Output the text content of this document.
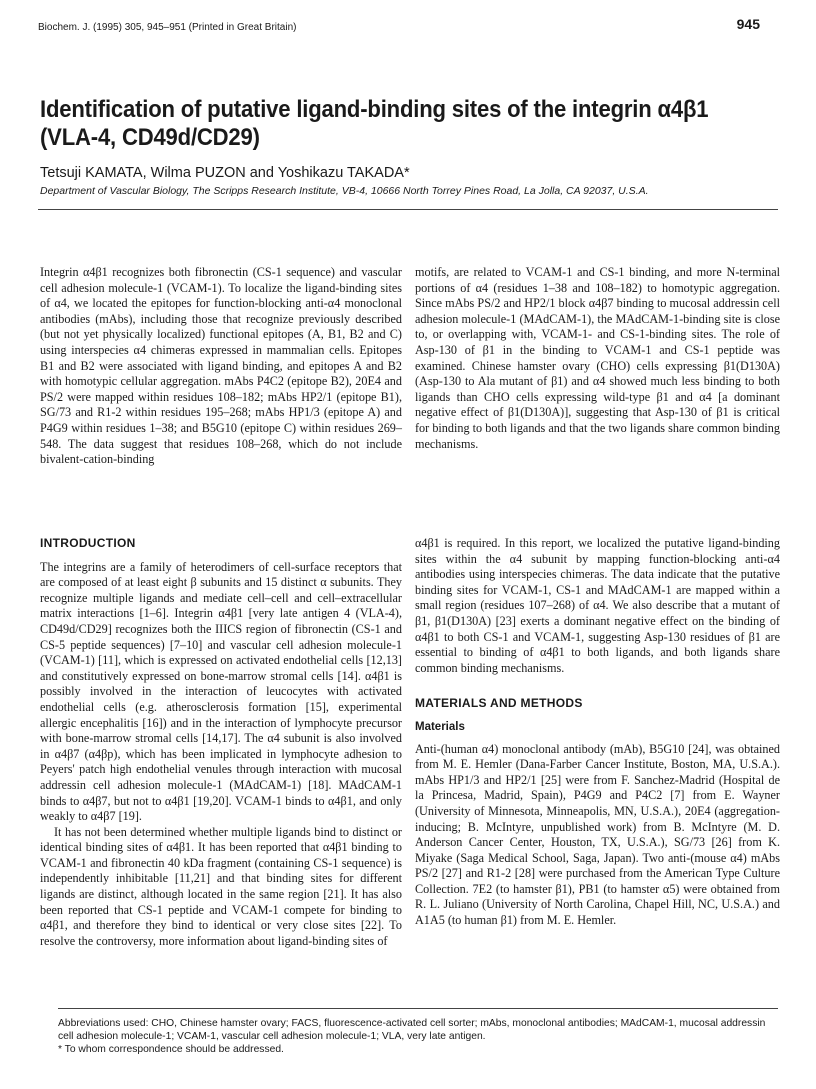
Biochem. J. (1995) 305, 945–951 (Printed in Great Britain)	945
Identification of putative ligand-binding sites of the integrin α4β1 (VLA-4, CD49d/CD29)
Tetsuji KAMATA, Wilma PUZON and Yoshikazu TAKADA*
Department of Vascular Biology, The Scripps Research Institute, VB-4, 10666 North Torrey Pines Road, La Jolla, CA 92037, U.S.A.

Integrin α4β1 recognizes both fibronectin (CS-1 sequence) and vascular cell adhesion molecule-1 (VCAM-1). To localize the ligand-binding sites of α4, we located the epitopes for function-blocking anti-α4 monoclonal antibodies (mAbs), including those that recognize previously described (but not yet physically localized) functional epitopes (A, B1, B2 and C) using interspecies α4 chimeras expressed in mammalian cells. Epitopes B1 and B2 were associated with ligand binding, and epitopes A and B2 with homotypic cellular aggregation. mAbs P4C2 (epitope B2), 20E4 and PS/2 were mapped within residues 108–182; mAbs HP2/1 (epitope B1), SG/73 and R1-2 within residues 195–268; mAbs HP1/3 (epitope A) and P4G9 within residues 1–38; and B5G10 (epitope C) within residues 269–548. The data suggest that residues 108–268, which do not include bivalent-cation-binding

motifs, are related to VCAM-1 and CS-1 binding, and more N-terminal portions of α4 (residues 1–38 and 108–182) to homotypic aggregation. Since mAbs PS/2 and HP2/1 block α4β7 binding to mucosal addressin cell adhesion molecule-1 (MAdCAM-1), the MAdCAM-1-binding site is close to, or overlapping with, VCAM-1- and CS-1-binding sites. The role of Asp-130 of β1 in the binding to VCAM-1 and CS-1 peptide was examined. Chinese hamster ovary (CHO) cells expressing β1(D130A) (Asp-130 to Ala mutant of β1) and α4 showed much less binding to both ligands than CHO cells expressing wild-type β1 and α4 [a dominant negative effect of β1(D130A)], suggesting that Asp-130 of β1 is critical for binding to both ligands and that the two ligands share common binding mechanisms.

INTRODUCTION

The integrins are a family of heterodimers of cell-surface receptors that are composed of at least eight β subunits and 15 distinct α subunits. They recognize multiple ligands and mediate cell–cell and cell–extracellular matrix interactions [1–6]. Integrin α4β1 [very late antigen 4 (VLA-4), CD49d/CD29] recognizes both the IIICS region of fibronectin (CS-1 and CS-5 peptide sequences) [7–10] and vascular cell adhesion molecule-1 (VCAM-1) [11], which is expressed on activated endothelial cells [12,13] and constitutively expressed on bone-marrow stromal cells [14]. α4β1 is possibly involved in the interaction of leucocytes with activated endothelial cells (e.g. atherosclerosis formation [15], experimental allergic encephalitis [16]) and in the interaction of lymphocyte precursor with bone-marrow stromal cells [14,17]. The α4 subunit is also involved in α4β7 (α4βp), which has been implicated in lymphocyte adhesion to Peyers' patch high endothelial venules through interaction with mucosal addressin cell adhesion molecule-1 (MAdCAM-1) [18]. MAdCAM-1 binds to α4β7, but not to α4β1 [19,20]. VCAM-1 binds to α4β1, and only weakly to α4β7 [19].

It has not been determined whether multiple ligands bind to distinct or identical binding sites of α4β1. It has been reported that α4β1 binding to VCAM-1 and fibronectin 40 kDa fragment (containing CS-1 sequence) is independently inhibitable [11,21] and that binding sites for different ligands are distinct, although located in the same region [21]. It has also been reported that CS-1 peptide and VCAM-1 compete for binding to α4β1, and therefore they bind to identical or very close sites [22]. To resolve the controversy, more information about ligand-binding sites of

α4β1 is required. In this report, we localized the putative ligand-binding sites within the α4 subunit by mapping function-blocking anti-α4 antibodies using interspecies chimeras. The data indicate that the putative binding sites for VCAM-1, CS-1 and MAdCAM-1 are mapped within a small region (residues 107–268) of α4. We also describe that a mutant of β1, β1(D130A) [23] exerts a dominant negative effect on the binding of α4β1 to both CS-1 and VCAM-1, suggesting Asp-130 residues of β1 are essential to binding of α4β1 to both ligands, and both ligands share common binding mechanisms.

MATERIALS AND METHODS
Materials

Anti-(human α4) monoclonal antibody (mAb), B5G10 [24], was obtained from M. E. Hemler (Dana-Farber Cancer Institute, Boston, MA, U.S.A.). mAbs HP1/3 and HP2/1 [25] were from F. Sanchez-Madrid (Hospital de la Princesa, Madrid, Spain), P4G9 and P4C2 [7] from E. Wayner (University of Minnesota, Minneapolis, MN, U.S.A.), 20E4 (aggregation-inducing; B. McIntyre, unpublished work) from B. McIntyre (M. D. Anderson Cancer Center, Houston, TX, U.S.A.), SG/73 [26] from K. Miyake (Saga Medical School, Saga, Japan). Two anti-(mouse α4) mAbs PS/2 [27] and R1-2 [28] were purchased from the American Type Culture Collection. 7E2 (to hamster β1), PB1 (to hamster α5) were obtained from R. L. Juliano (University of North Carolina, Chapel Hill, NC, U.S.A.) and A1A5 (to human β1) from M. E. Hemler.

Abbreviations used: CHO, Chinese hamster ovary; FACS, fluorescence-activated cell sorter; mAbs, monoclonal antibodies; MAdCAM-1, mucosal addressin cell adhesion molecule-1; VCAM-1, vascular cell adhesion molecule-1; VLA, very late antigen.

* To whom correspondence should be addressed.
